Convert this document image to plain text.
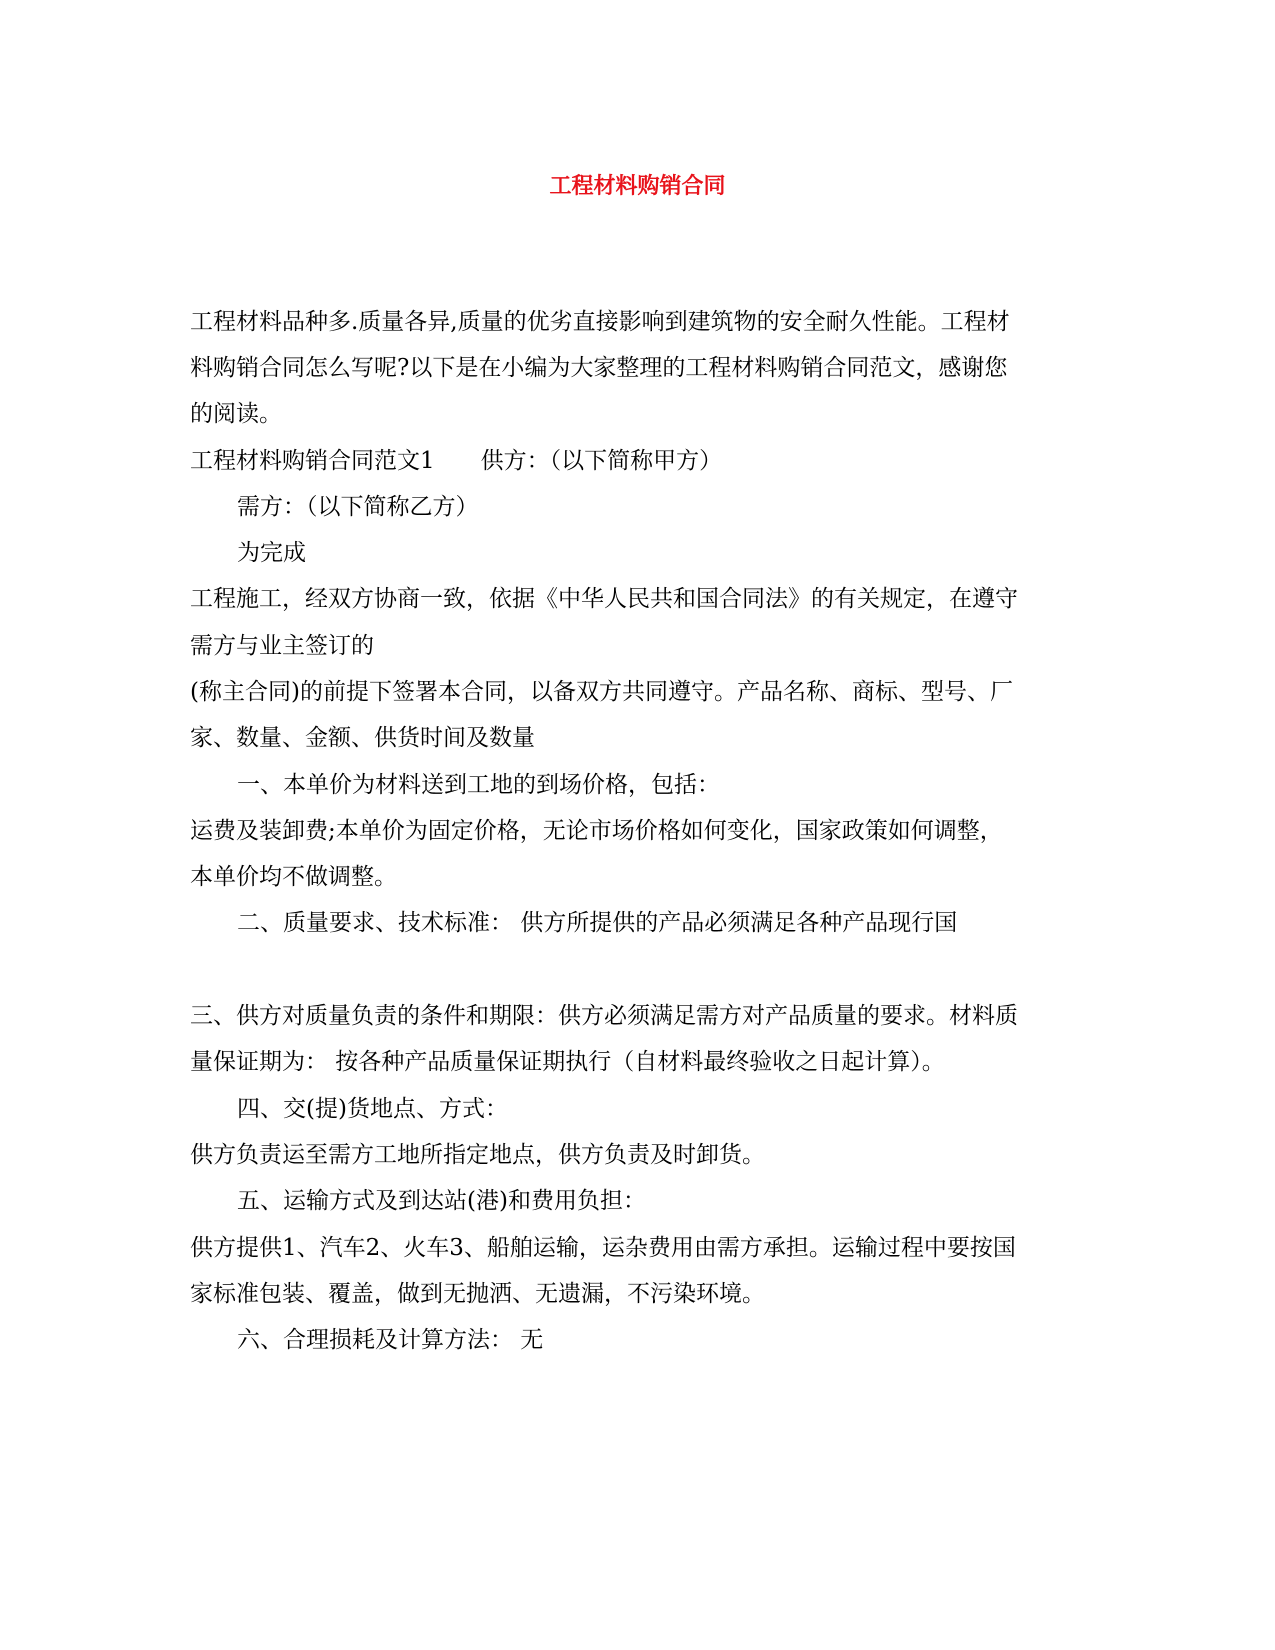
工程材料购销合同
工程材料品种多.质量各异,质量的优劣直接影响到建筑物的安全耐久性能。工程材
料购销合同怎么写呢?以下是在小编为大家整理的工程材料购销合同范文，感谢您
的阅读。
工程材料购销合同范文1 供方：（以下简称甲方）
需方：（以下简称乙方）
为完成
工程施工，经双方协商一致，依据《中华人民共和国合同法》的有关规定，在遵守
需方与业主签订的
(称主合同)的前提下签署本合同，以备双方共同遵守。产品名称、商标、型号、厂
家、数量、金额、供货时间及数量
一、本单价为材料送到工地的到场价格，包括：
运费及装卸费;本单价为固定价格，无论市场价格如何变化，国家政策如何调整，
本单价均不做调整。
二、质量要求、技术标准： 供方所提供的产品必须满足各种产品现行国
三、供方对质量负责的条件和期限：供方必须满足需方对产品质量的要求。材料质
量保证期为： 按各种产品质量保证期执行（自材料最终验收之日起计算）。
四、交(提)货地点、方式：
供方负责运至需方工地所指定地点，供方负责及时卸货。
五、运输方式及到达站(港)和费用负担：
供方提供1、汽车2、火车3、船舶运输，运杂费用由需方承担。运输过程中要按国
家标准包装、覆盖，做到无抛洒、无遗漏，不污染环境。
六、合理损耗及计算方法： 无
